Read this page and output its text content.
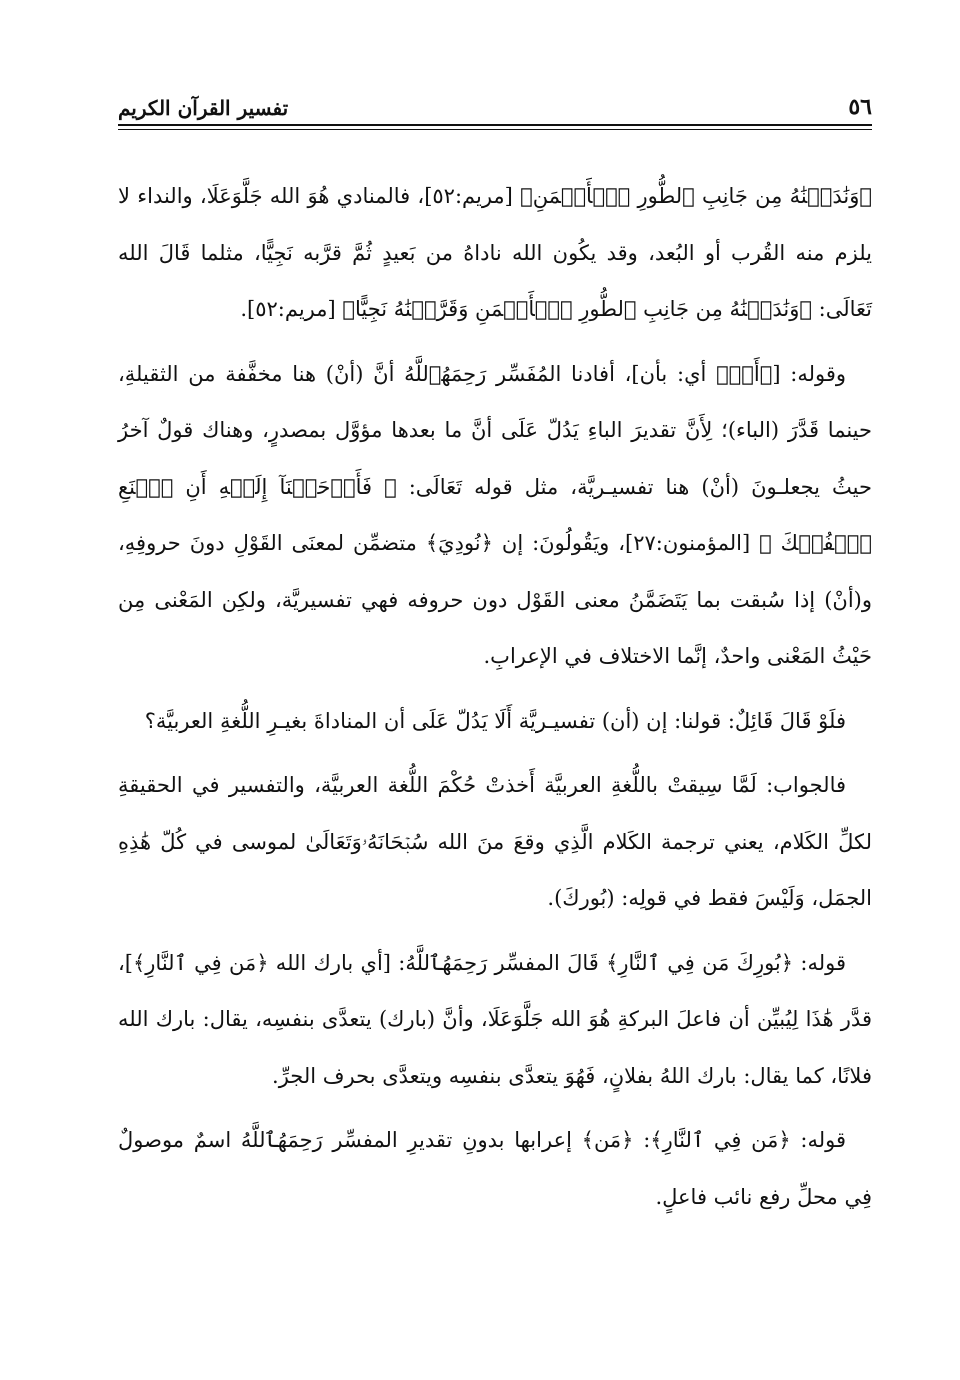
تفسير القرآن الكريم	٥٦

﴿وَنَٰدَيۡنَٰهُ مِن جَانِبِ ٱلطُّورِ ٱلۡأَيۡمَنِ﴾ [مريم:٥٢]، فالمنادي هُوَ الله جَلَّوَعَلَا، والنداء لا يلزم منه القُرب أو البُعد، وقد يكُون الله ناداهُ من بَعيدٍ ثُمَّ قرَّبه نَجِيًّا، مثلما قَالَ الله تَعَالَى: ﴿وَنَٰدَيۡنَٰهُ مِن جَانِبِ ٱلطُّورِ ٱلۡأَيۡمَنِ وَقَرَّبۡنَٰهُ نَجِيًّا﴾ [مريم:٥٢].

وقوله: [﴿أَنۢ﴾ أي: بأن]، أفادنا المُفَسِّر رَحِمَهُٱللَّهُ أنَّ (أنْ) هنا مخفَّفة من الثقيلةِ، حينما قَدَّرَ (الباء)؛ لِأَنَّ تقديرَ الباءِ يَدُلّ عَلَى أنَّ ما بعدها مؤوَّل بمصدرٍ، وهناك قولٌ آخرُ حيثُ يجعلـونَ (أنْ) هنا تفسيـريَّة، مثل قوله تَعَالَى: ﴿ فَأَوۡحَيۡنَآ إِلَيۡهِ أَنِ ٱصۡنَعِ ٱلۡفُلۡكَ ﴾ [المؤمنون:٢٧]، ويَقُولُونَ: إن ﴿نُودِيَ﴾ متضمِّن لمعنَى القَوْلِ دونَ حروفِهِ، و(أنْ) إذا سُبقت بما يَتَضَمَّنُ معنى القَوْل دون حروفه فهي تفسيريَّة، ولكِن المَعْنى مِن حَيْثُ المَعْنى واحدٌ، إنَّما الاختلاف في الإعرابِ.

فلَوْ قَالَ قَائِلٌ: قولنا: إن (أن) تفسيـريَّة أَلَا يَدُلّ عَلَى أن المناداةَ بغيـرِ اللُّغةِ العربيَّة؟

فالجواب: لَمَّا سِيقتْ باللُّغةِ العربيَّة أَخذتْ حُكْمَ اللُّغة العربيَّة، والتفسير في الحقيقةِ لكلِّ الكَلام، يعني ترجمة الكَلام الَّذِي وقعَ منَ الله سُبۡحَانَهُۥوَتَعَالَىٰ لموسى في كُلّ هَٰذِهِ الجمَل، وَلَيْسَ فقط في قولِه: (بُوركَ).

قوله: ﴿بُورِكَ مَن فِي ٱلنَّارِ﴾ قَالَ المفسِّر رَحِمَهُٱللَّهُ: [أي بارك الله ﴿مَن فِي ٱلنَّارِ﴾]، قدَّر هَٰذَا لِيُبيِّن أن فاعلَ البركةِ هُوَ الله جَلَّوَعَلَا، وأنَّ (بارك) يتعدَّى بنفسِه، يقال: بارك الله فلانًا، كما يقال: بارك اللهُ بفلانٍ، فَهُوَ يتعدَّى بنفسِه ويتعدَّى بحرف الجرِّ.

قوله: ﴿مَن فِي ٱلنَّارِ﴾: ﴿مَن﴾ إعرابها بدونِ تقديرِ المفسِّر رَحِمَهُٱللَّهُ اسمٌ موصولٌ فِي محلِّ رفع نائب فاعلٍ.
